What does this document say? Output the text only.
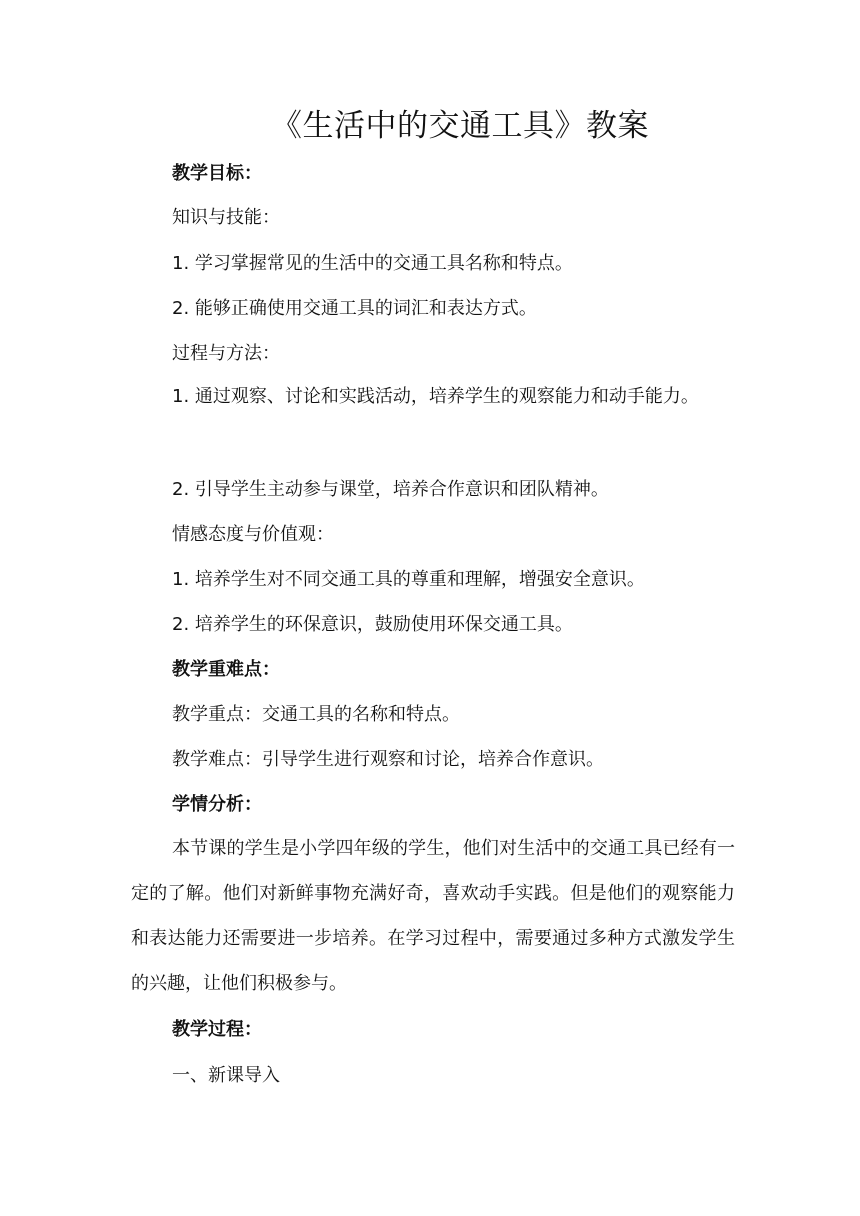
《生活中的交通工具》教案
教学目标：
知识与技能：
1. 学习掌握常见的生活中的交通工具名称和特点。
2. 能够正确使用交通工具的词汇和表达方式。
过程与方法：
1. 通过观察、讨论和实践活动，培养学生的观察能力和动手能力。
2. 引导学生主动参与课堂，培养合作意识和团队精神。
情感态度与价值观：
1. 培养学生对不同交通工具的尊重和理解，增强安全意识。
2. 培养学生的环保意识，鼓励使用环保交通工具。
教学重难点：
教学重点：交通工具的名称和特点。
教学难点：引导学生进行观察和讨论，培养合作意识。
学情分析：
本节课的学生是小学四年级的学生，他们对生活中的交通工具已经有一定的了解。他们对新鲜事物充满好奇，喜欢动手实践。但是他们的观察能力和表达能力还需要进一步培养。在学习过程中，需要通过多种方式激发学生的兴趣，让他们积极参与。
教学过程：
一、新课导入
